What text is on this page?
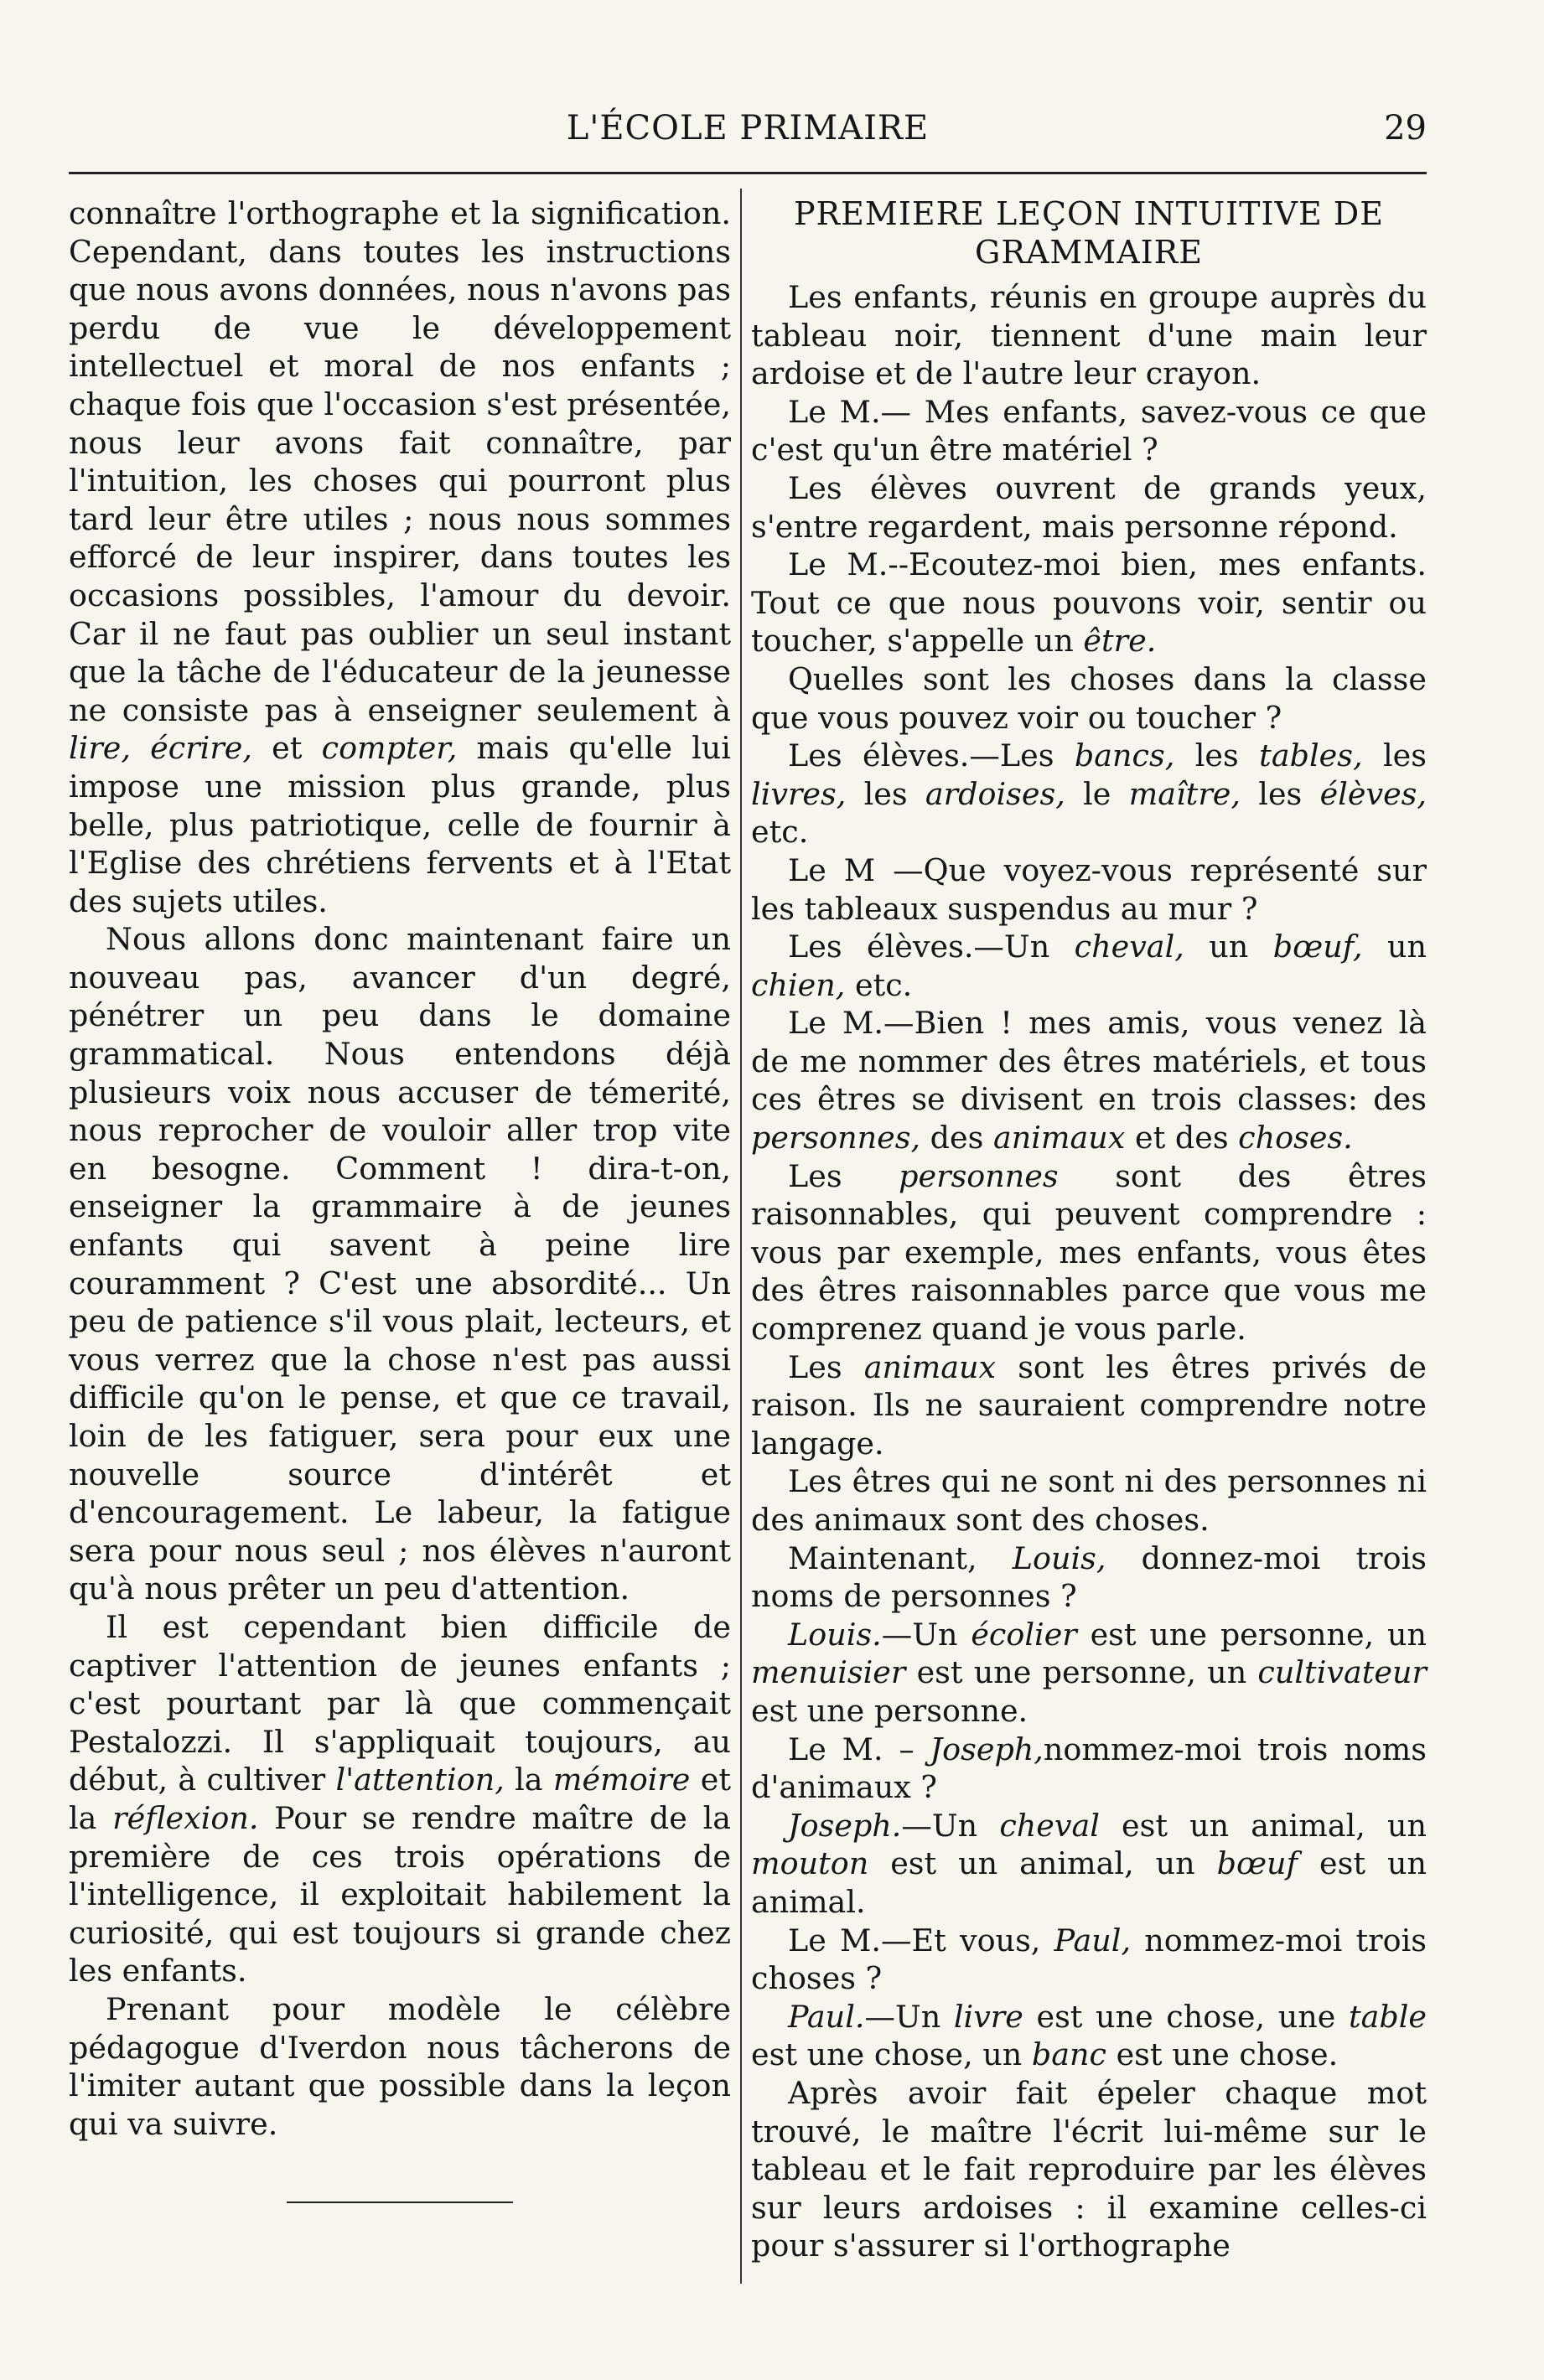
L'ÉCOLE PRIMAIRE	29

connaître l'orthographe et la signification. Cependant, dans toutes les instructions que nous avons données, nous n'avons pas perdu de vue le développement intellectuel et moral de nos enfants ; chaque fois que l'occasion s'est présentée, nous leur avons fait connaître, par l'intuition, les choses qui pourront plus tard leur être utiles ; nous nous sommes efforcé de leur inspirer, dans toutes les occasions possibles, l'amour du devoir. Car il ne faut pas oublier un seul instant que la tâche de l'éducateur de la jeunesse ne consiste pas à enseigner seulement à lire, écrire, et compter, mais qu'elle lui impose une mission plus grande, plus belle, plus patriotique, celle de fournir à l'Eglise des chrétiens fervents et à l'Etat des sujets utiles.

Nous allons donc maintenant faire un nouveau pas, avancer d'un degré, pénétrer un peu dans le domaine grammatical. Nous entendons déjà plusieurs voix nous accuser de témerité, nous reprocher de vouloir aller trop vite en besogne. Comment ! dira-t-on, enseigner la grammaire à de jeunes enfants qui savent à peine lire couramment ? C'est une absordité... Un peu de patience s'il vous plait, lecteurs, et vous verrez que la chose n'est pas aussi difficile qu'on le pense, et que ce travail, loin de les fatiguer, sera pour eux une nouvelle source d'intérêt et d'encouragement. Le labeur, la fatigue sera pour nous seul ; nos élèves n'auront qu'à nous prêter un peu d'attention.

Il est cependant bien difficile de captiver l'attention de jeunes enfants ; c'est pourtant par là que commençait Pestalozzi. Il s'appliquait toujours, au début, à cultiver l'attention, la mémoire et la réflexion. Pour se rendre maître de la première de ces trois opérations de l'intelligence, il exploitait habilement la curiosité, qui est toujours si grande chez les enfants.

Prenant pour modèle le célèbre pédagogue d'Iverdon nous tâcherons de l'imiter autant que possible dans la leçon qui va suivre.

PREMIERE LEÇON INTUITIVE DE GRAMMAIRE

Les enfants, réunis en groupe auprès du tableau noir, tiennent d'une main leur ardoise et de l'autre leur crayon.

Le M.— Mes enfants, savez-vous ce que c'est qu'un être matériel ?

Les élèves ouvrent de grands yeux, s'entre regardent, mais personne répond.

Le M.--Ecoutez-moi bien, mes enfants. Tout ce que nous pouvons voir, sentir ou toucher, s'appelle un être.

Quelles sont les choses dans la classe que vous pouvez voir ou toucher ?

Les élèves.—Les bancs, les tables, les livres, les ardoises, le maître, les élèves, etc.

Le M —Que voyez-vous représenté sur les tableaux suspendus au mur ?

Les élèves.—Un cheval, un bœuf, un chien, etc.

Le M.—Bien ! mes amis, vous venez là de me nommer des êtres matériels, et tous ces êtres se divisent en trois classes: des personnes, des animaux et des choses.

Les personnes sont des êtres raisonnables, qui peuvent comprendre : vous par exemple, mes enfants, vous êtes des êtres raisonnables parce que vous me comprenez quand je vous parle.

Les animaux sont les êtres privés de raison. Ils ne sauraient comprendre notre langage.

Les êtres qui ne sont ni des personnes ni des animaux sont des choses.

Maintenant, Louis, donnez-moi trois noms de personnes ?

Louis.—Un écolier est une personne, un menuisier est une personne, un cultivateur est une personne.

Le M. – Joseph,nommez-moi trois noms d'animaux ?

Joseph.—Un cheval est un animal, un mouton est un animal, un bœuf est un animal.

Le M.—Et vous, Paul, nommez-moi trois choses ?

Paul.—Un livre est une chose, une table est une chose, un banc est une chose.

Après avoir fait épeler chaque mot trouvé, le maître l'écrit lui-même sur le tableau et le fait reproduire par les élèves sur leurs ardoises : il examine celles-ci pour s'assurer si l'orthographe
